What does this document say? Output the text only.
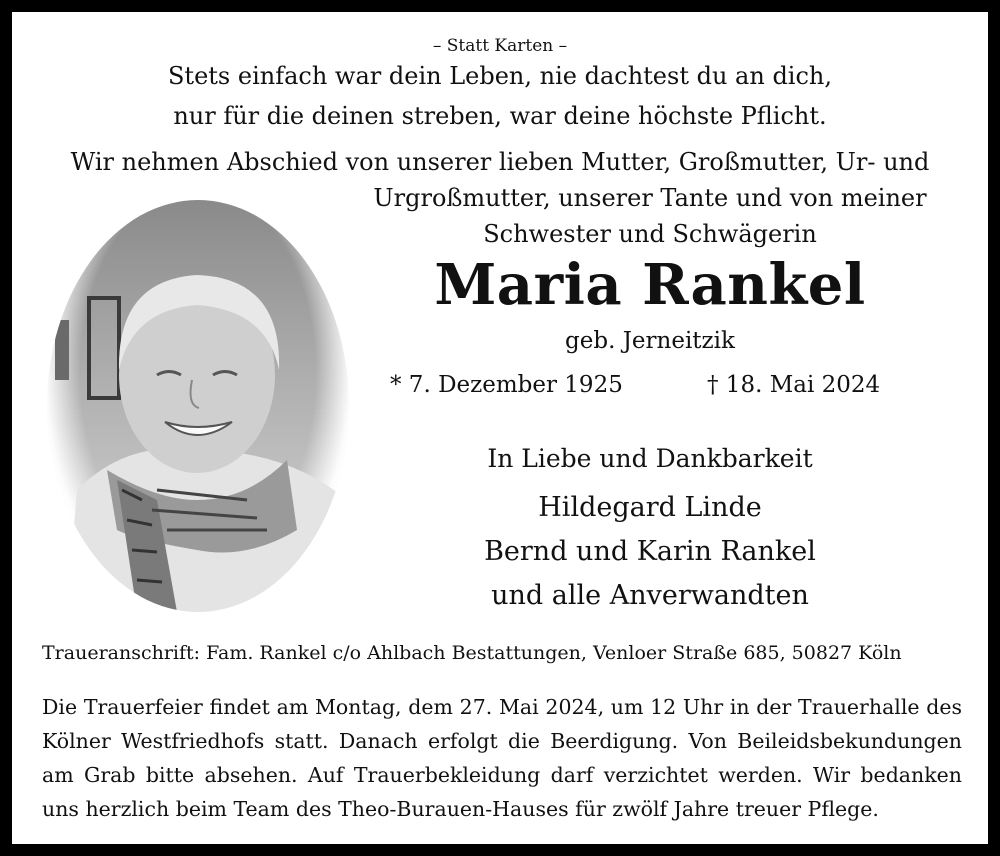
– Statt Karten –
Stets einfach war dein Leben, nie dachtest du an dich,
nur für die deinen streben, war deine höchste Pflicht.
Wir nehmen Abschied von unserer lieben Mutter, Großmutter, Ur- und
Urgroßmutter, unserer Tante und von meiner
Schwester und Schwägerin
Maria Rankel
geb. Jerneitzik
* 7. Dezember 1925	† 18. Mai 2024
In Liebe und Dankbarkeit
Hildegard Linde
Bernd und Karin Rankel
und alle Anverwandten
Traueranschrift: Fam. Rankel c/o Ahlbach Bestattungen, Venloer Straße 685, 50827 Köln
Die Trauerfeier findet am Montag, dem 27. Mai 2024, um 12 Uhr in der Trauerhalle des
Kölner Westfriedhofs statt. Danach erfolgt die Beerdigung. Von Beileidsbekundungen
am Grab bitte absehen. Auf Trauerbekleidung darf verzichtet werden. Wir bedanken
uns herzlich beim Team des Theo-Burauen-Hauses für zwölf Jahre treuer Pflege.
